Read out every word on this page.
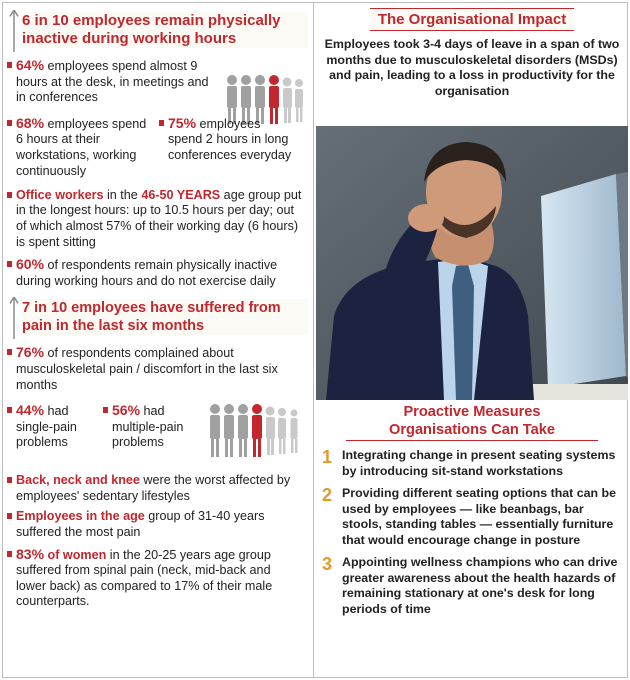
6 in 10 employees remain physically inactive during working hours
64% employees spend almost 9 hours at the desk, in meetings and in conferences
68% employees spend 6 hours at their workstations, working continuously
75% employees spend 2 hours in long conferences everyday
Office workers in the 46-50 YEARS age group put in the longest hours: up to 10.5 hours per day; out of which almost 57% of their working day (6 hours) is spent sitting
60% of respondents remain physically inactive during working hours and do not exercise daily
7 in 10 employees have suffered from pain in the last six months
76% of respondents complained about musculoskeletal pain / discomfort in the last six months
44% had single-pain problems
56% had multiple-pain problems
Back, neck and knee were the worst affected by employees' sedentary lifestyles
Employees in the age group of 31-40 years suffered the most pain
83% of women in the 20-25 years age group suffered from spinal pain (neck, mid-back and lower back) as compared to 17% of their male counterparts.
The Organisational Impact
Employees took 3-4 days of leave in a span of two months due to musculoskeletal disorders (MSDs) and pain, leading to a loss in productivity for the organisation
Proactive Measures
Organisations Can Take
1 Integrating change in present seating systems by introducing sit-stand workstations
2 Providing different seating options that can be used by employees — like beanbags, bar stools, standing tables — essentially furniture that would encourage change in posture
3 Appointing wellness champions who can drive greater awareness about the health hazards of remaining stationary at one's desk for long periods of time
